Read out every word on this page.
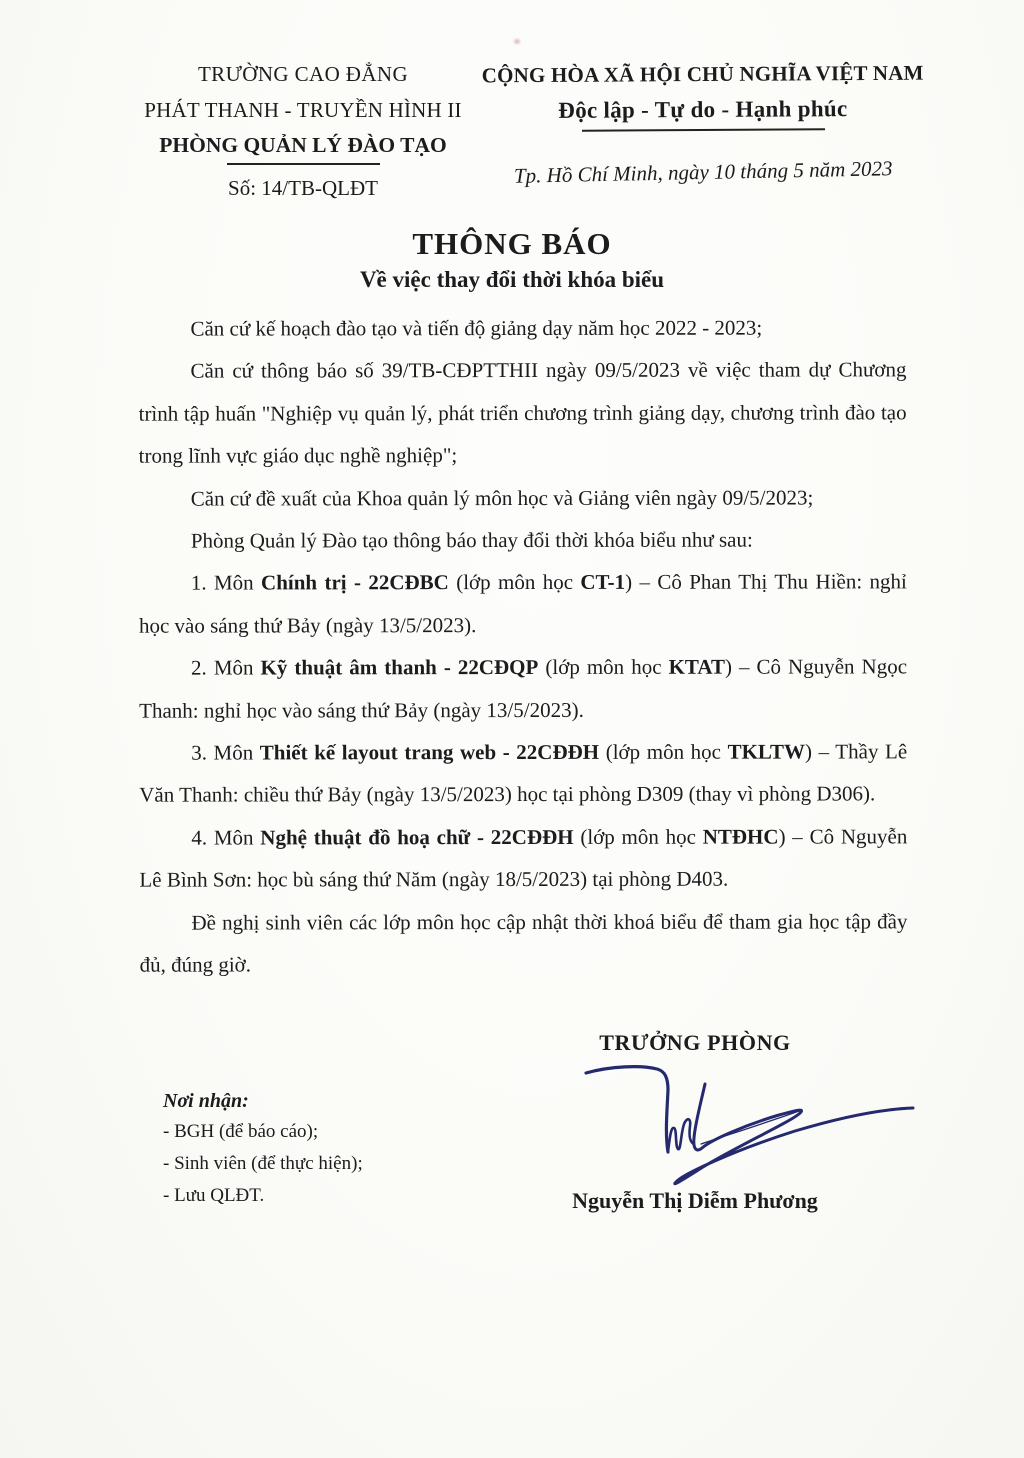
TRƯỜNG CAO ĐẲNG
PHÁT THANH - TRUYỀN HÌNH II
PHÒNG QUẢN LÝ ĐÀO TẠO
Số: 14/TB-QLĐT
CỘNG HÒA XÃ HỘI CHỦ NGHĨA VIỆT NAM
Độc lập - Tự do - Hạnh phúc
Tp. Hồ Chí Minh, ngày 10 tháng 5 năm 2023
THÔNG BÁO
Về việc thay đổi thời khóa biểu

Căn cứ kế hoạch đào tạo và tiến độ giảng dạy năm học 2022 - 2023;

Căn cứ thông báo số 39/TB-CĐPTTHII ngày 09/5/2023 về việc tham dự Chương trình tập huấn "Nghiệp vụ quản lý, phát triển chương trình giảng dạy, chương trình đào tạo trong lĩnh vực giáo dục nghề nghiệp";

Căn cứ đề xuất của Khoa quản lý môn học và Giảng viên ngày 09/5/2023;

Phòng Quản lý Đào tạo thông báo thay đổi thời khóa biểu như sau:

1. Môn Chính trị - 22CĐBC (lớp môn học CT-1) – Cô Phan Thị Thu Hiền: nghỉ học vào sáng thứ Bảy (ngày 13/5/2023).

2. Môn Kỹ thuật âm thanh - 22CĐQP (lớp môn học KTAT) – Cô Nguyễn Ngọc Thanh: nghỉ học vào sáng thứ Bảy (ngày 13/5/2023).

3. Môn Thiết kế layout trang web - 22CĐĐH (lớp môn học TKLTW) – Thầy Lê Văn Thanh: chiều thứ Bảy (ngày 13/5/2023) học tại phòng D309 (thay vì phòng D306).

4. Môn Nghệ thuật đồ hoạ chữ - 22CĐĐH (lớp môn học NTĐHC) – Cô Nguyễn Lê Bình Sơn: học bù sáng thứ Năm (ngày 18/5/2023) tại phòng D403.

Đề nghị sinh viên các lớp môn học cập nhật thời khoá biểu để tham gia học tập đầy đủ, đúng giờ.

TRƯỞNG PHÒNG
Nguyễn Thị Diễm Phương
Nơi nhận:
- BGH (để báo cáo);
- Sinh viên (để thực hiện);
- Lưu QLĐT.
